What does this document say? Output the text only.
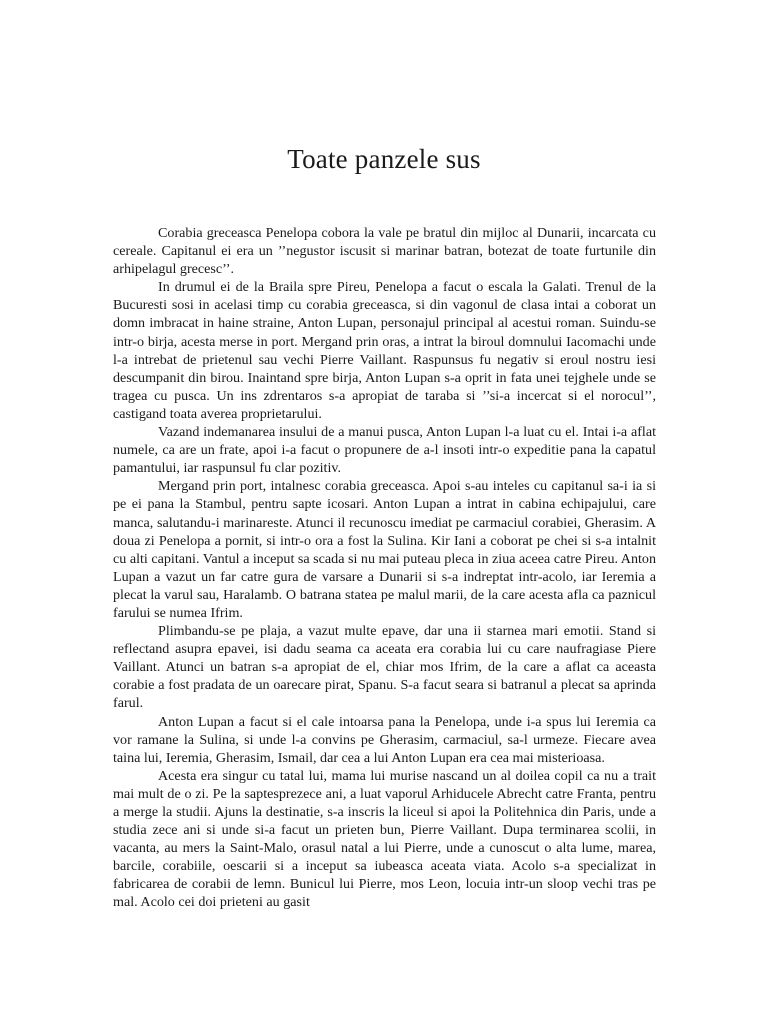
Toate panzele sus

Corabia greceasca Penelopa cobora la vale pe bratul din mijloc al Dunarii, incarcata cu cereale. Capitanul ei era un ’’negustor iscusit si marinar batran, botezat de toate furtunile din arhipelagul grecesc’’.

In drumul ei de la Braila spre Pireu, Penelopa a facut o escala la Galati. Trenul de la Bucuresti sosi in acelasi timp cu corabia greceasca, si din vagonul de clasa intai a coborat un domn imbracat in haine straine, Anton Lupan, personajul principal al acestui roman. Suindu-se intr-o birja, acesta merse in port. Mergand prin oras, a intrat la biroul domnului Iacomachi unde l-a intrebat de prietenul sau vechi Pierre Vaillant. Raspunsus fu negativ si eroul nostru iesi descumpanit din birou. Inaintand spre birja, Anton Lupan s-a oprit in fata unei tejghele unde se tragea cu pusca. Un ins zdrentaros s-a apropiat de taraba si ’’si-a incercat si el norocul’’, castigand toata averea proprietarului.

Vazand indemanarea insului de a manui pusca, Anton Lupan l-a luat cu el. Intai i-a aflat numele, ca are un frate, apoi i-a facut o propunere de a-l insoti intr-o expeditie pana la capatul pamantului, iar raspunsul fu clar pozitiv.

Mergand prin port, intalnesc corabia greceasca. Apoi s-au inteles cu capitanul sa-i ia si pe ei pana la Stambul, pentru sapte icosari. Anton Lupan a intrat in cabina echipajului, care manca, salutandu-i marinareste. Atunci il recunoscu imediat pe carmaciul corabiei, Gherasim. A doua zi Penelopa a pornit, si intr-o ora a fost la Sulina. Kir Iani a coborat pe chei si s-a intalnit cu alti capitani. Vantul a inceput sa scada si nu mai puteau pleca in ziua aceea catre Pireu. Anton Lupan a vazut un far catre gura de varsare a Dunarii si s-a indreptat intr-acolo, iar Ieremia a plecat la varul sau, Haralamb. O batrana statea pe malul marii, de la care acesta afla ca paznicul farului se numea Ifrim.

Plimbandu-se pe plaja, a vazut multe epave, dar una ii starnea mari emotii. Stand si reflectand asupra epavei, isi dadu seama ca aceata era corabia lui cu care naufragiase Piere Vaillant. Atunci un batran s-a apropiat de el, chiar mos Ifrim, de la care a aflat ca aceasta corabie a fost pradata de un oarecare pirat, Spanu. S-a facut seara si batranul a plecat sa aprinda farul.

Anton Lupan a facut si el cale intoarsa pana la Penelopa, unde i-a spus lui Ieremia ca vor ramane la Sulina, si unde l-a convins pe Gherasim, carmaciul, sa-l urmeze. Fiecare avea taina lui, Ieremia, Gherasim, Ismail, dar cea a lui Anton Lupan era cea mai misterioasa.

Acesta era singur cu tatal lui, mama lui murise nascand un al doilea copil ca nu a trait mai mult de o zi. Pe la saptesprezece ani, a luat vaporul Arhiducele Abrecht catre Franta, pentru a merge la studii. Ajuns la destinatie, s-a inscris la liceul si apoi la Politehnica din Paris, unde a studia zece ani si unde si-a facut un prieten bun, Pierre Vaillant. Dupa terminarea scolii, in vacanta, au mers la Saint-Malo, orasul natal a lui Pierre, unde a cunoscut o alta lume, marea, barcile, corabiile, oescarii si a inceput sa iubeasca aceata viata. Acolo s-a specializat in fabricarea de corabii de lemn. Bunicul lui Pierre, mos Leon, locuia intr-un sloop vechi tras pe mal. Acolo cei doi prieteni au gasit
